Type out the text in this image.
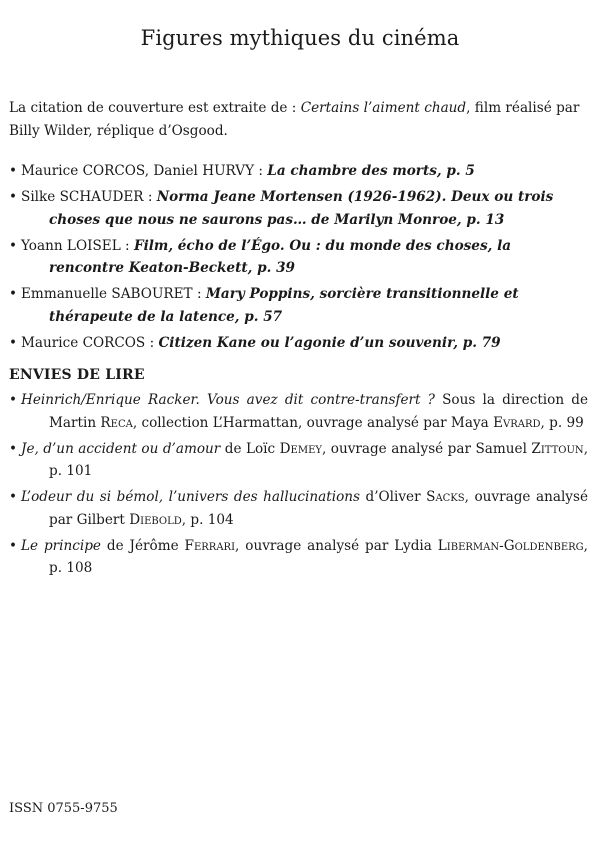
Figures mythiques du cinéma

La citation de couverture est extraite de : Certains l’aiment chaud, film réalisé par Billy Wilder, réplique d’Osgood.

• Maurice CORCOS, Daniel HURVY : La chambre des morts, p. 5
• Silke SCHAUDER : Norma Jeane Mortensen (1926-1962). Deux ou trois choses que nous ne saurons pas… de Marilyn Monroe, p. 13
• Yoann LOISEL : Film, écho de l’Égo. Ou : du monde des choses, la rencontre Keaton-Beckett, p. 39
• Emmanuelle SABOURET : Mary Poppins, sorcière transitionnelle et thérapeute de la latence, p. 57
• Maurice CORCOS : Citizen Kane ou l’agonie d’un souvenir, p. 79
ENVIES DE LIRE
• Heinrich/Enrique Racker. Vous avez dit contre-transfert ? Sous la direction de Martin Reca, collection L’Harmattan, ouvrage analysé par Maya Evrard, p. 99
• Je, d’un accident ou d’amour de Loïc Demey, ouvrage analysé par Samuel Zittoun, p. 101
• L’odeur du si bémol, l’univers des hallucinations d’Oliver Sacks, ouvrage analysé par Gilbert Diebold, p. 104
• Le principe de Jérôme Ferrari, ouvrage analysé par Lydia Liberman-Goldenberg, p. 108

ISSN 0755-9755
